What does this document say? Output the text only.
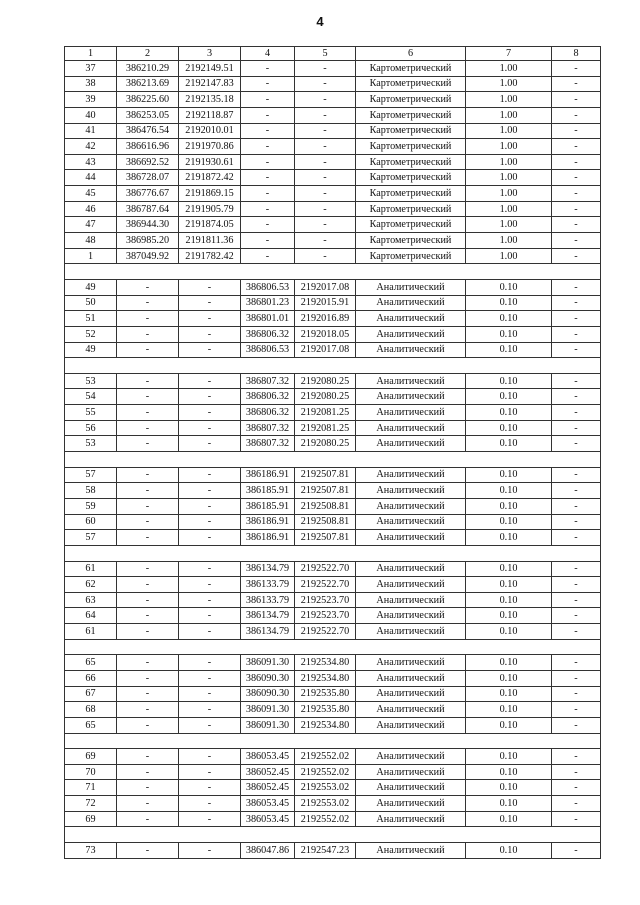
4
1	2	3	4	5	6	7	8
37	386210.29	2192149.51	-	-	Картометрический	1.00	-
38	386213.69	2192147.83	-	-	Картометрический	1.00	-
39	386225.60	2192135.18	-	-	Картометрический	1.00	-
40	386253.05	2192118.87	-	-	Картометрический	1.00	-
41	386476.54	2192010.01	-	-	Картометрический	1.00	-
42	386616.96	2191970.86	-	-	Картометрический	1.00	-
43	386692.52	2191930.61	-	-	Картометрический	1.00	-
44	386728.07	2191872.42	-	-	Картометрический	1.00	-
45	386776.67	2191869.15	-	-	Картометрический	1.00	-
46	386787.64	2191905.79	-	-	Картометрический	1.00	-
47	386944.30	2191874.05	-	-	Картометрический	1.00	-
48	386985.20	2191811.36	-	-	Картометрический	1.00	-
1	387049.92	2191782.42	-	-	Картометрический	1.00	-

49	-	-	386806.53	2192017.08	Аналитический	0.10	-
50	-	-	386801.23	2192015.91	Аналитический	0.10	-
51	-	-	386801.01	2192016.89	Аналитический	0.10	-
52	-	-	386806.32	2192018.05	Аналитический	0.10	-
49	-	-	386806.53	2192017.08	Аналитический	0.10	-

53	-	-	386807.32	2192080.25	Аналитический	0.10	-
54	-	-	386806.32	2192080.25	Аналитический	0.10	-
55	-	-	386806.32	2192081.25	Аналитический	0.10	-
56	-	-	386807.32	2192081.25	Аналитический	0.10	-
53	-	-	386807.32	2192080.25	Аналитический	0.10	-

57	-	-	386186.91	2192507.81	Аналитический	0.10	-
58	-	-	386185.91	2192507.81	Аналитический	0.10	-
59	-	-	386185.91	2192508.81	Аналитический	0.10	-
60	-	-	386186.91	2192508.81	Аналитический	0.10	-
57	-	-	386186.91	2192507.81	Аналитический	0.10	-

61	-	-	386134.79	2192522.70	Аналитический	0.10	-
62	-	-	386133.79	2192522.70	Аналитический	0.10	-
63	-	-	386133.79	2192523.70	Аналитический	0.10	-
64	-	-	386134.79	2192523.70	Аналитический	0.10	-
61	-	-	386134.79	2192522.70	Аналитический	0.10	-

65	-	-	386091.30	2192534.80	Аналитический	0.10	-
66	-	-	386090.30	2192534.80	Аналитический	0.10	-
67	-	-	386090.30	2192535.80	Аналитический	0.10	-
68	-	-	386091.30	2192535.80	Аналитический	0.10	-
65	-	-	386091.30	2192534.80	Аналитический	0.10	-

69	-	-	386053.45	2192552.02	Аналитический	0.10	-
70	-	-	386052.45	2192552.02	Аналитический	0.10	-
71	-	-	386052.45	2192553.02	Аналитический	0.10	-
72	-	-	386053.45	2192553.02	Аналитический	0.10	-
69	-	-	386053.45	2192552.02	Аналитический	0.10	-

73	-	-	386047.86	2192547.23	Аналитический	0.10	-
